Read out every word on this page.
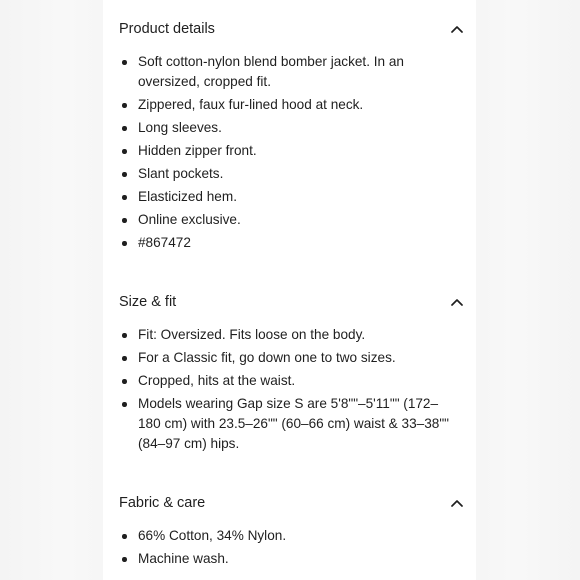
Product details
Soft cotton-nylon blend bomber jacket. In an oversized, cropped fit.
Zippered, faux fur-lined hood at neck.
Long sleeves.
Hidden zipper front.
Slant pockets.
Elasticized hem.
Online exclusive.
#867472
Size & fit
Fit: Oversized. Fits loose on the body.
For a Classic fit, go down one to two sizes.
Cropped, hits at the waist.
Models wearing Gap size S are 5'8""–5'11"" (172–180 cm) with 23.5–26"" (60–66 cm) waist & 33–38"" (84–97 cm) hips.
Fabric & care
66% Cotton, 34% Nylon.
Machine wash.
